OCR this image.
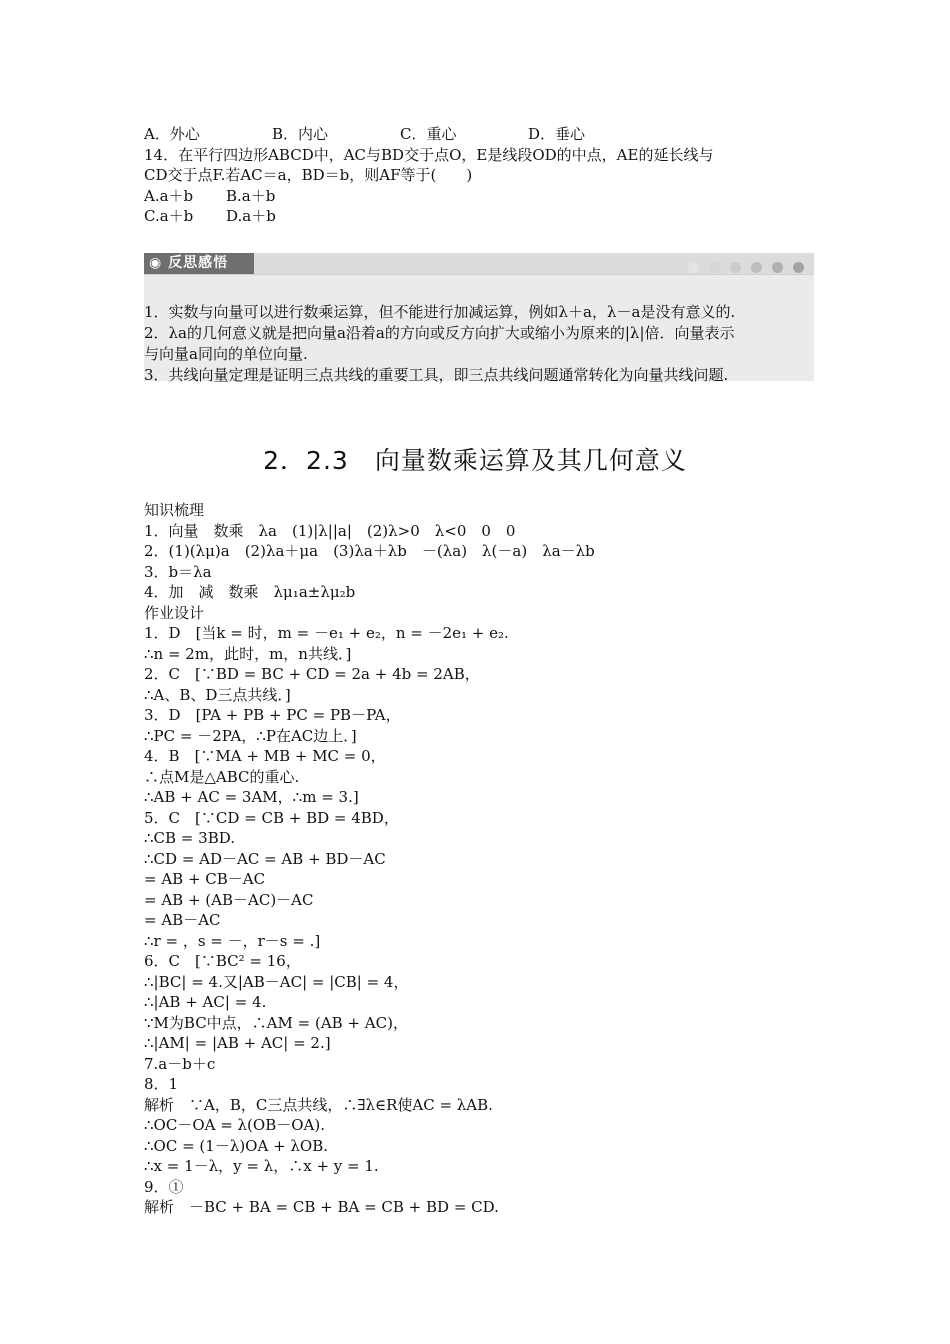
A．外心	B．内心	C．重心	D．垂心
14．在平行四边形ABCD中，AC与BD交于点O，E是线段OD的中点，AE的延长线与
CD交于点F.若AC＝a，BD＝b，则AF等于(　　)
A.a＋b B.a＋b
C.a＋b D.a＋b
◉ 反思感悟
1．实数与向量可以进行数乘运算，但不能进行加减运算，例如λ＋a，λ－a是没有意义的.
2．λa的几何意义就是把向量a沿着a的方向或反方向扩大或缩小为原来的|λ|倍．向量表示
与向量a同向的单位向量.
3．共线向量定理是证明三点共线的重要工具，即三点共线问题通常转化为向量共线问题.
2．2.3　向量数乘运算及其几何意义
知识梳理
1．向量　数乘　λa　(1)|λ||a|　(2)λ>0　λ<0　0　0
2．(1)(λμ)a　(2)λa＋μa　(3)λa＋λb　－(λa)　λ(－a)　λa－λb
3．b＝λa
4．加　减　数乘　λμ₁a±λμ₂b
作业设计
1．D　[当k = 时，m = －e₁ + e₂，n = －2e₁ + e₂.
∴n = 2m，此时，m，n共线．]
2．C　[∵BD = BC + CD = 2a + 4b = 2AB，
∴A、B、D三点共线．]
3．D　[PA + PB + PC = PB－PA，
∴PC = －2PA，∴P在AC边上．]
4．B　[∵MA + MB + MC = 0，
∴点M是△ABC的重心.
∴AB + AC = 3AM，∴m = 3.]
5．C　[∵CD = CB + BD = 4BD，
∴CB = 3BD.
∴CD = AD－AC = AB + BD－AC
= AB + CB－AC
= AB + (AB－AC)－AC
= AB－AC
∴r = ，s = －，r－s = .]
6．C　[∵BC² = 16，
∴|BC| = 4.又|AB－AC| = |CB| = 4，
∴|AB + AC| = 4.
∵M为BC中点，∴AM = (AB + AC)，
∴|AM| = |AB + AC| = 2.]
7.a－b＋c
8．1
解析　∵A，B，C三点共线，∴∃λ∈R使AC = λAB.
∴OC－OA = λ(OB－OA).
∴OC = (1－λ)OA + λOB.
∴x = 1－λ，y = λ，∴x + y = 1.
9．①
解析　－BC + BA = CB + BA = CB + BD = CD.
